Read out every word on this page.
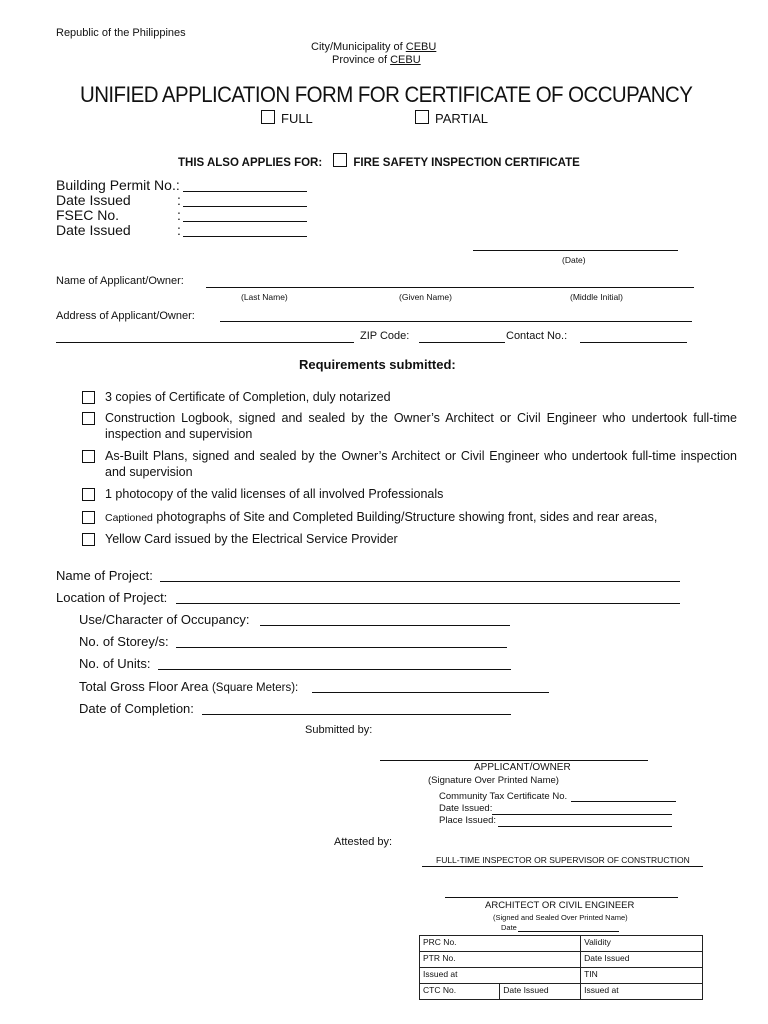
Republic of the Philippines
City/Municipality of CEBU
Province of CEBU
UNIFIED APPLICATION FORM FOR CERTIFICATE OF OCCUPANCY
FULL	PARTIAL
THIS ALSO APPLIES FOR:	FIRE SAFETY INSPECTION CERTIFICATE
Building Permit No.:
Date Issued	:
FSEC No.	:
Date Issued	:
(Date)
Name of Applicant/Owner:
(Last Name)	(Given Name)	(Middle Initial)
Address of Applicant/Owner:
ZIP Code:	Contact No.:
Requirements submitted:
3 copies of Certificate of Completion, duly notarized
Construction Logbook, signed and sealed by the Owner’s Architect or Civil Engineer who undertook full-time inspection and supervision
As-Built Plans, signed and sealed by the Owner’s Architect or Civil Engineer who undertook full-time inspection and supervision
1 photocopy of the valid licenses of all involved Professionals
Captioned photographs of Site and Completed Building/Structure showing front, sides and rear areas,
Yellow Card issued by the Electrical Service Provider
Name of Project:
Location of Project:
Use/Character of Occupancy:
No. of Storey/s:
No. of Units:
Total Gross Floor Area (Square Meters):
Date of Completion:
Submitted by:
APPLICANT/OWNER
(Signature Over Printed Name)
Community Tax Certificate No.
Date Issued:
Place Issued:
Attested by:
FULL-TIME INSPECTOR OR SUPERVISOR OF CONSTRUCTION
ARCHITECT OR CIVIL ENGINEER
(Signed and Sealed Over Printed Name)
Date
PRC No.		Validity
PTR No.		Date Issued
Issued at		TIN
CTC No.	Date Issued	Issued at
